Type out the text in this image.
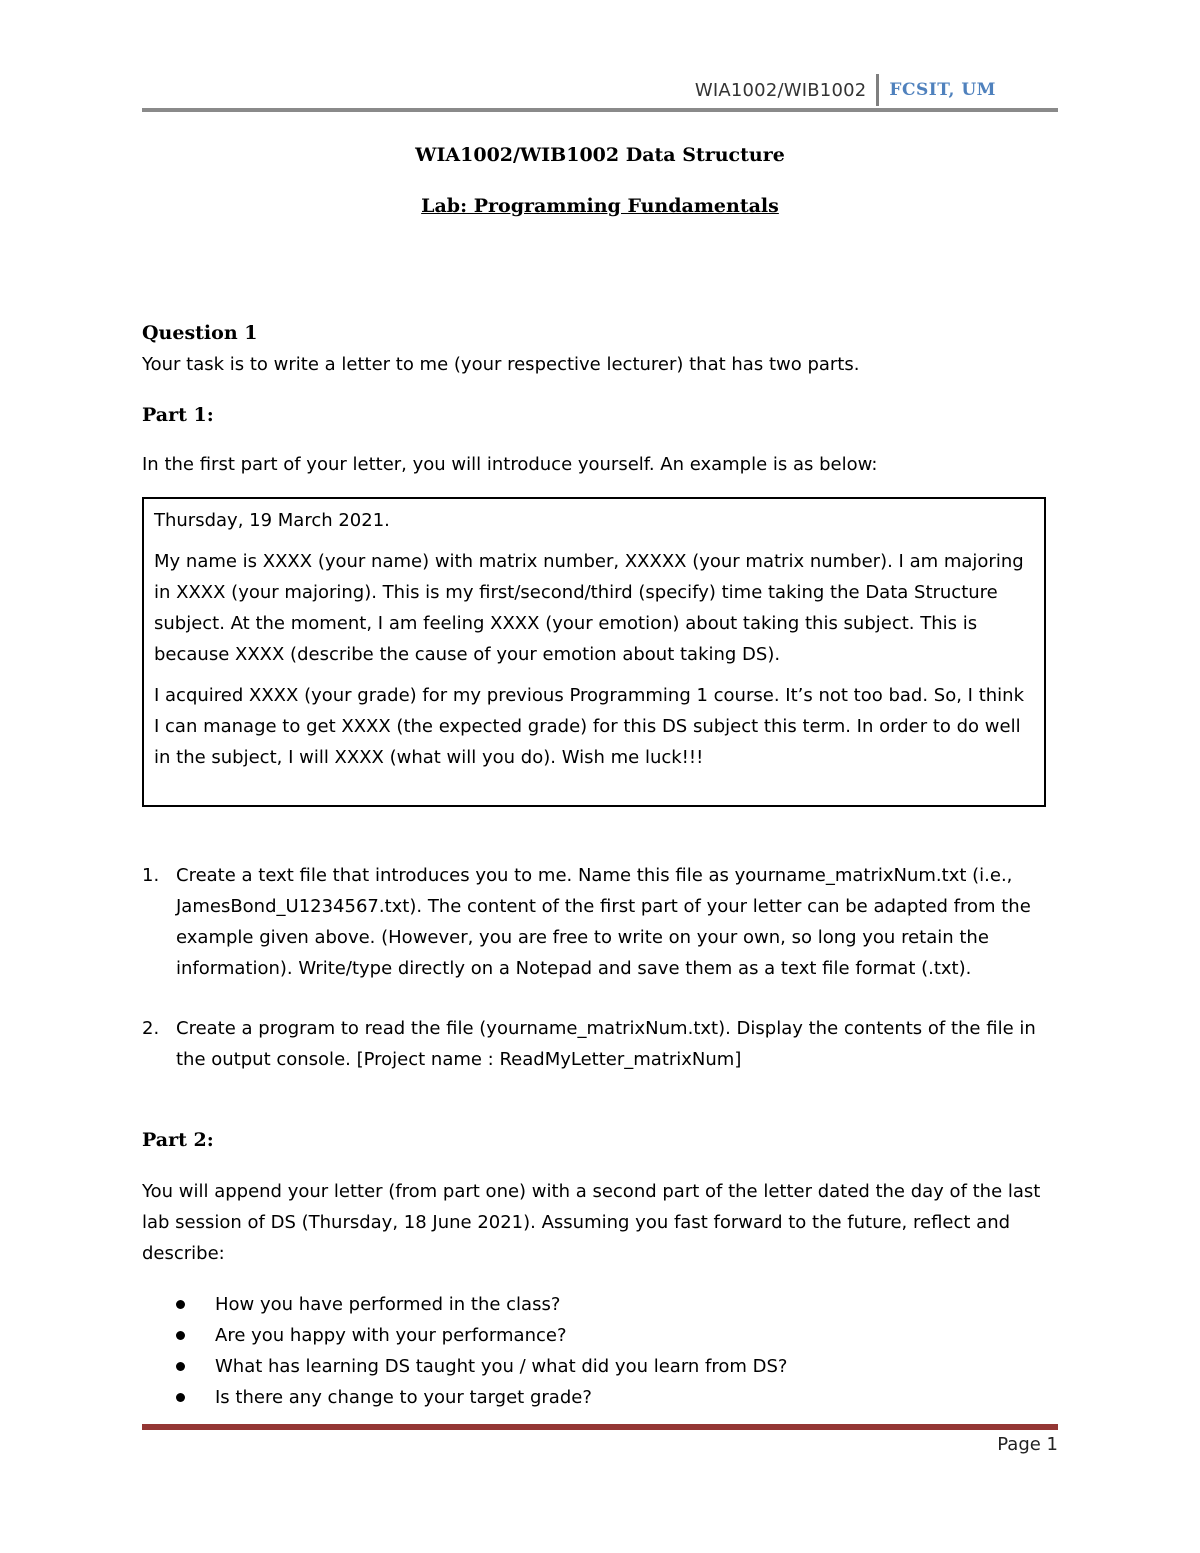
WIA1002/WIB1002	FCSIT, UM
WIA1002/WIB1002 Data Structure
Lab: Programming Fundamentals
Question 1
Your task is to write a letter to me (your respective lecturer) that has two parts.
Part 1:
In the first part of your letter, you will introduce yourself. An example is as below:

Thursday, 19 March 2021.

My name is XXXX (your name) with matrix number, XXXXX (your matrix number). I am majoring in XXXX (your majoring). This is my first/second/third (specify) time taking the Data Structure subject. At the moment, I am feeling XXXX (your emotion) about taking this subject. This is because XXXX (describe the cause of your emotion about taking DS).

I acquired XXXX (your grade) for my previous Programming 1 course. It’s not too bad. So, I think I can manage to get XXXX (the expected grade) for this DS subject this term. In order to do well in the subject, I will XXXX (what will you do). Wish me luck!!!

1. Create a text file that introduces you to me. Name this file as yourname_matrixNum.txt (i.e., JamesBond_U1234567.txt). The content of the first part of your letter can be adapted from the example given above. (However, you are free to write on your own, so long you retain the information). Write/type directly on a Notepad and save them as a text file format (.txt).
2. Create a program to read the file (yourname_matrixNum.txt). Display the contents of the file in the output console. [Project name : ReadMyLetter_matrixNum]
Part 2:
You will append your letter (from part one) with a second part of the letter dated the day of the last lab session of DS (Thursday, 18 June 2021). Assuming you fast forward to the future, reflect and describe:
How you have performed in the class?
Are you happy with your performance?
What has learning DS taught you / what did you learn from DS?
Is there any change to your target grade?
Page 1
